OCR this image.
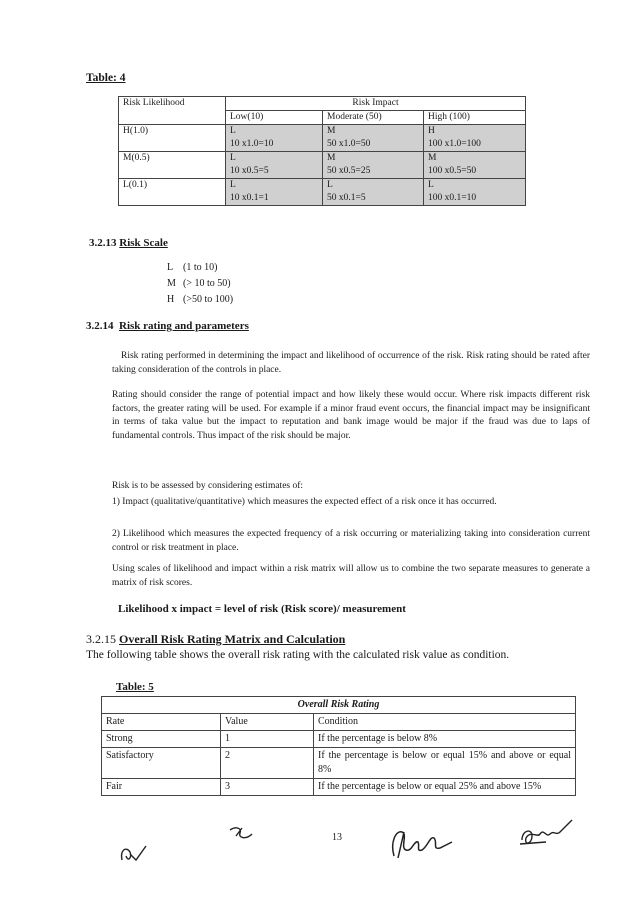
Table: 4
Risk Likelihood	Risk Impact		
	Low(10)	Moderate (50)	High (100)
H(1.0)	L	M	H
	10 x1.0=10	50 x1.0=50	100 x1.0=100
M(0.5)	L	M	M
	10 x0.5=5	50 x0.5=25	100 x0.5=50
L(0.1)	L	L	L
	10 x0.1=1	50 x0.1=5	100 x0.1=10
3.2.13 Risk Scale
L (1 to 10)
M (> 10 to 50)
H (>50 to 100)
3.2.14 Risk rating and parameters
Risk rating performed in determining the impact and likelihood of occurrence of the risk. Risk rating should be rated after taking consideration of the controls in place.
Rating should consider the range of potential impact and how likely these would occur. Where risk impacts different risk factors, the greater rating will be used. For example if a minor fraud event occurs, the financial impact may be insignificant in terms of taka value but the impact to reputation and bank image would be major if the fraud was due to laps of fundamental controls. Thus impact of the risk should be major.
Risk is to be assessed by considering estimates of:
1) Impact (qualitative/quantitative) which measures the expected effect of a risk once it has occurred.
2) Likelihood which measures the expected frequency of a risk occurring or materializing taking into consideration current control or risk treatment in place.
Using scales of likelihood and impact within a risk matrix will allow us to combine the two separate measures to generate a matrix of risk scores.
Likelihood x impact = level of risk (Risk score)/ measurement
3.2.15 Overall Risk Rating Matrix and Calculation
The following table shows the overall risk rating with the calculated risk value as condition.
Table: 5
Overall Risk Rating		
Rate	Value	Condition
Strong	1	If the percentage is below 8%
Satisfactory	2	If the percentage is below or equal 15% and above or equal 8%
Fair	3	If the percentage is below or equal 25% and above 15%
13
